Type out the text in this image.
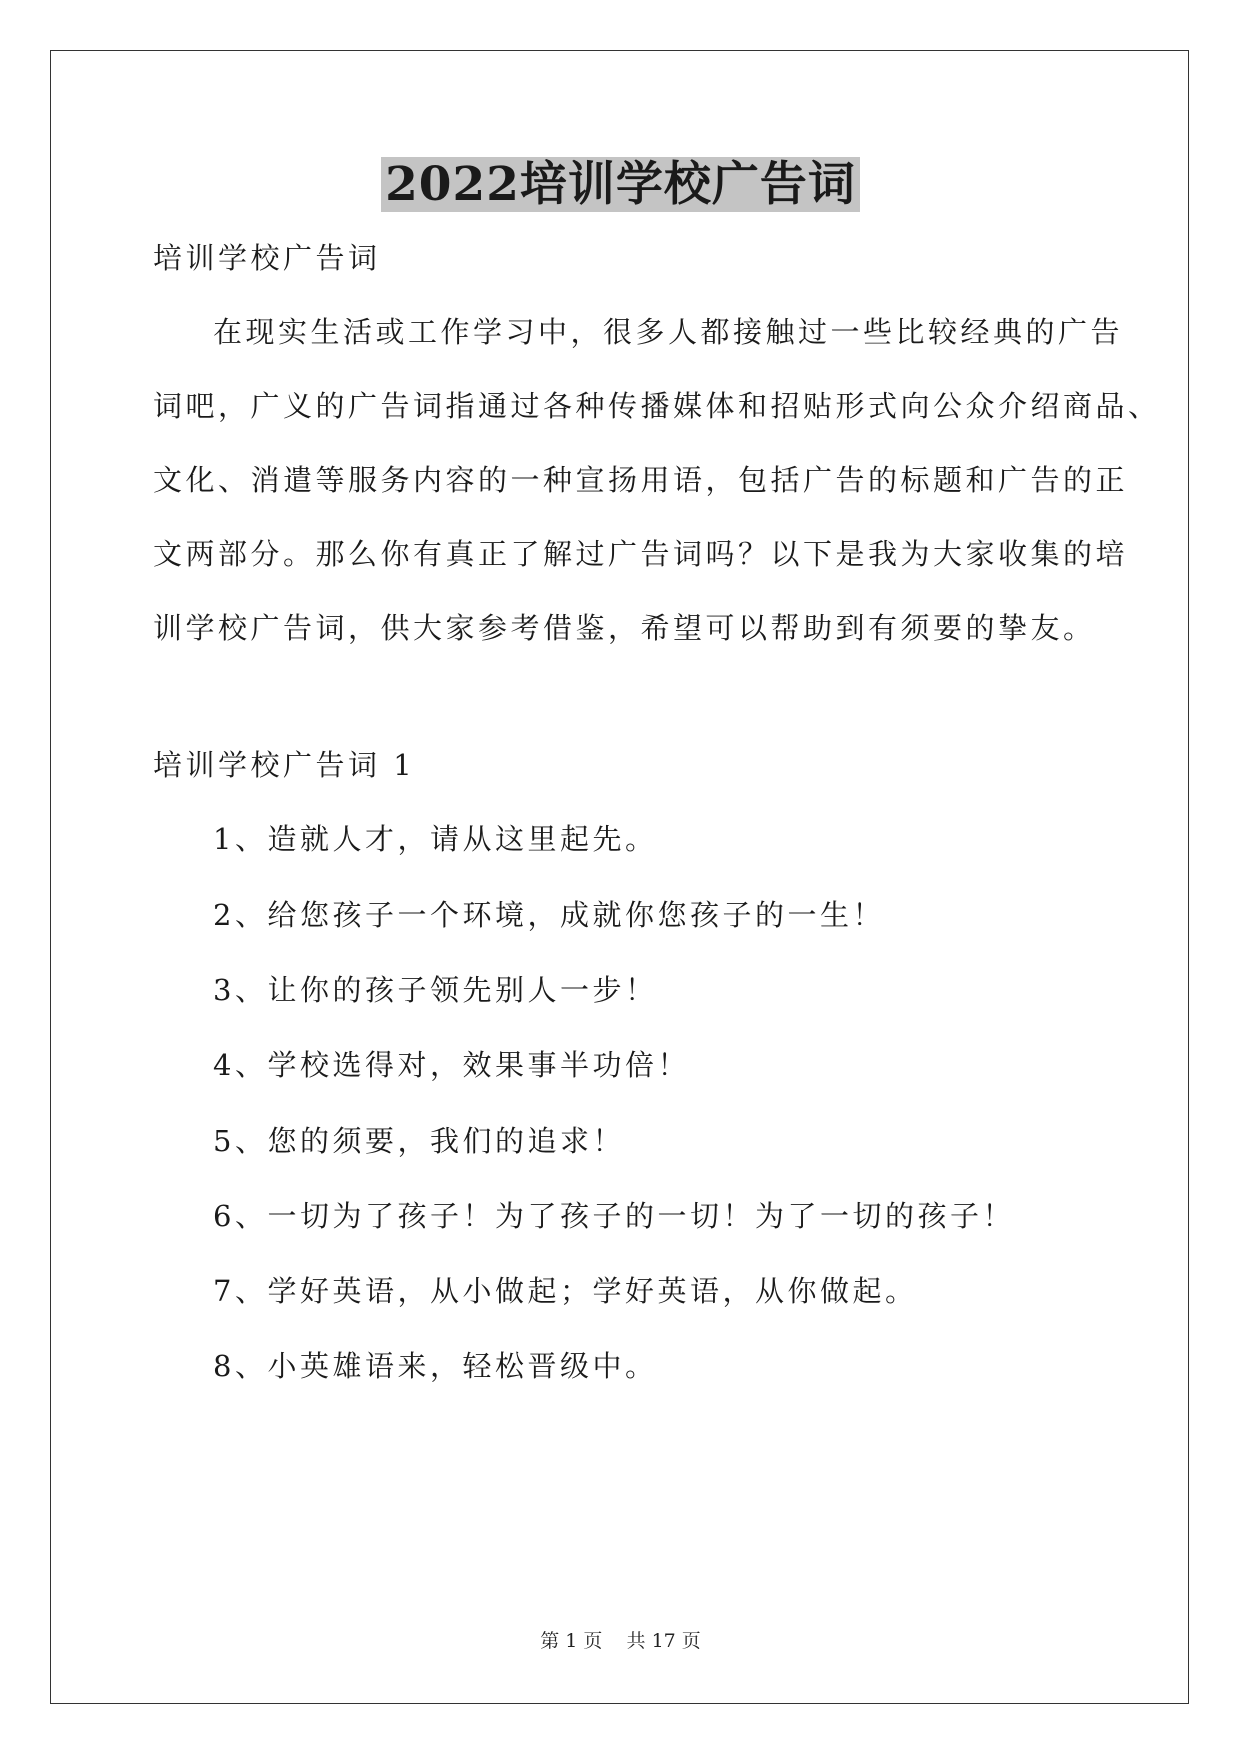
2022培训学校广告词
培训学校广告词
在现实生活或工作学习中，很多人都接触过一些比较经典的广告
词吧，广义的广告词指通过各种传播媒体和招贴形式向公众介绍商品、
文化、消遣等服务内容的一种宣扬用语，包括广告的标题和广告的正
文两部分。那么你有真正了解过广告词吗？以下是我为大家收集的培
训学校广告词，供大家参考借鉴，希望可以帮助到有须要的挚友。
培训学校广告词 1
1、造就人才，请从这里起先。
2、给您孩子一个环境，成就你您孩子的一生！
3、让你的孩子领先别人一步！
4、学校选得对，效果事半功倍！
5、您的须要，我们的追求！
6、一切为了孩子！为了孩子的一切！为了一切的孩子！
7、学好英语，从小做起；学好英语，从你做起。
8、小英雄语来，轻松晋级中。
第 1 页    共 17 页
